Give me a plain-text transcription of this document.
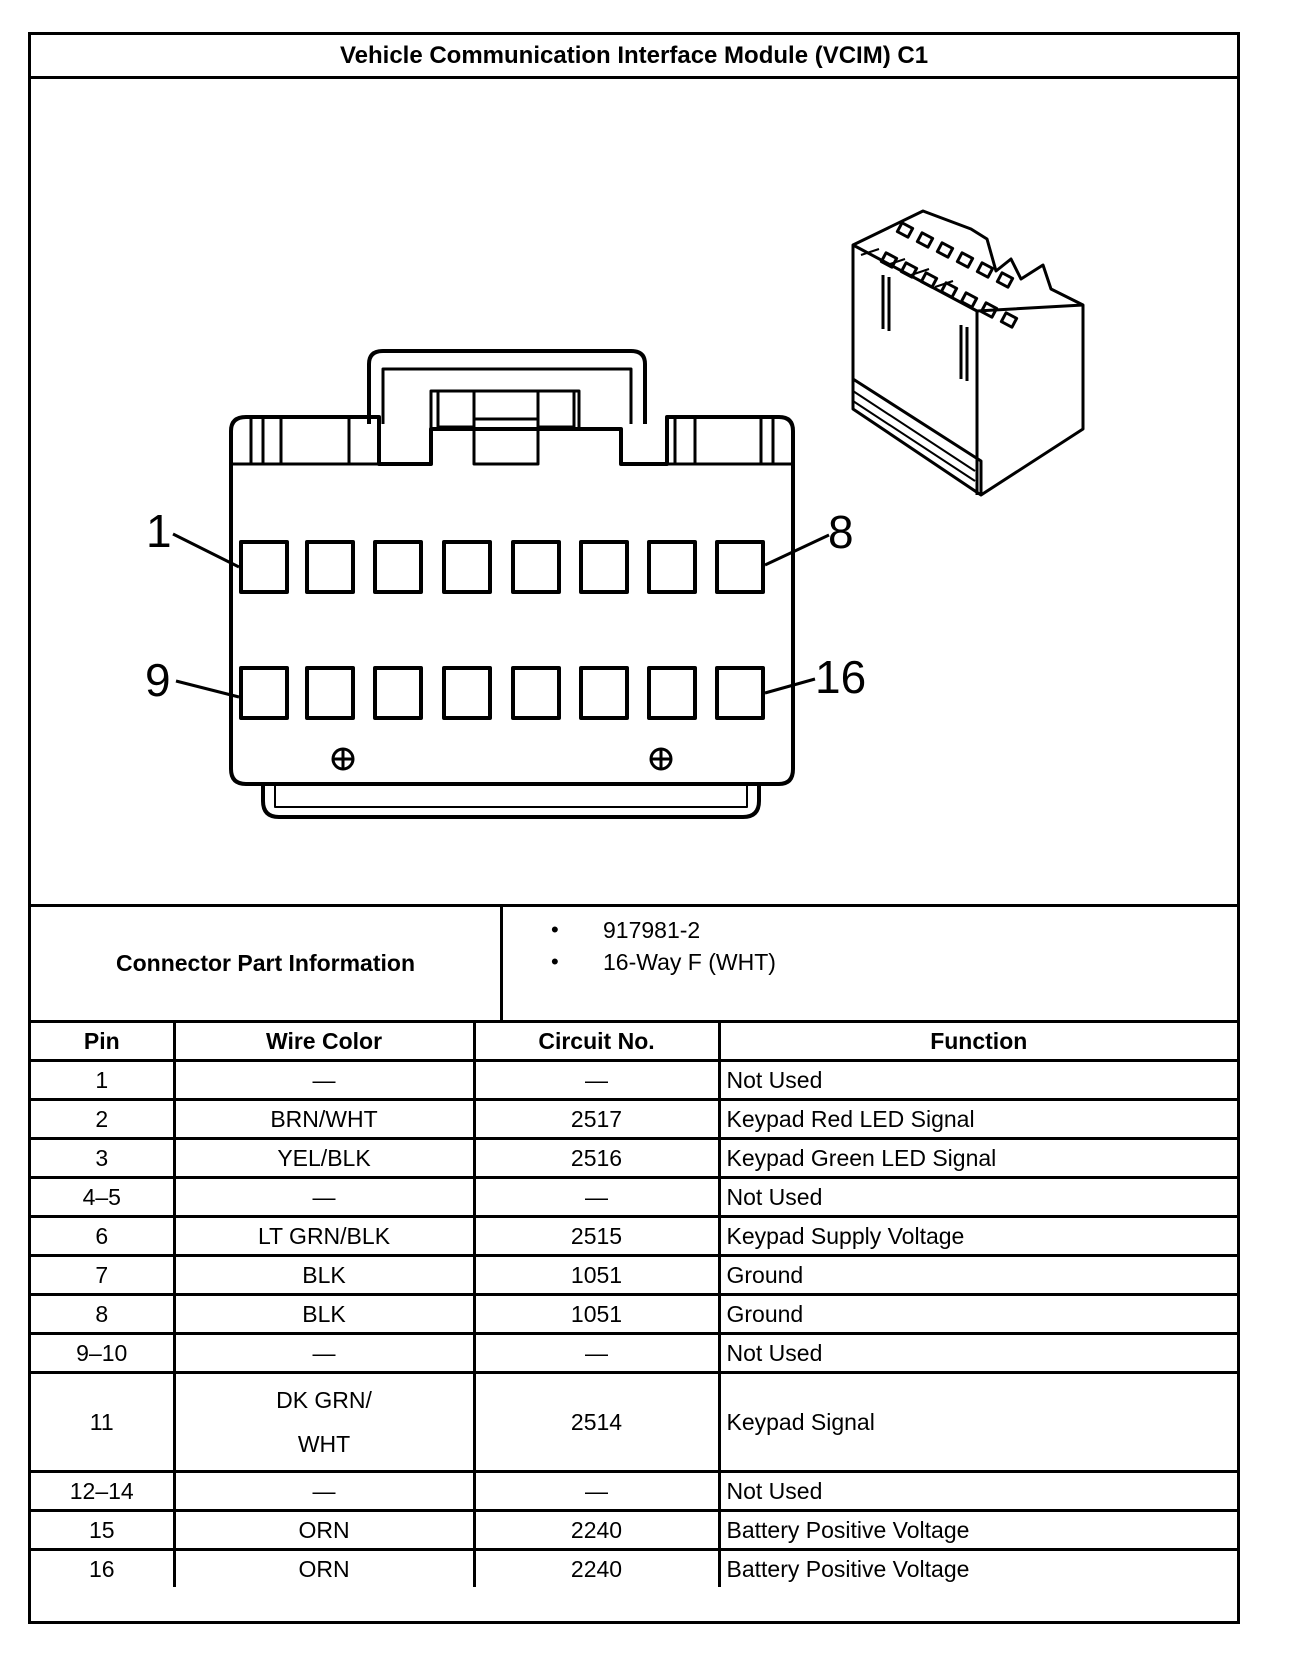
Vehicle Communication Interface Module (VCIM) C1
1	8
9	16
Connector Part Information
• 917981-2
• 16-Way F (WHT)
Pin	Wire Color	Circuit No.	Function
1	—	—	Not Used
2	BRN/WHT	2517	Keypad Red LED Signal
3	YEL/BLK	2516	Keypad Green LED Signal
4–5	—	—	Not Used
6	LT GRN/BLK	2515	Keypad Supply Voltage
7	BLK	1051	Ground
8	BLK	1051	Ground
9–10	—	—	Not Used
11	DK GRN/
WHT	2514	Keypad Signal
12–14	—	—	Not Used
15	ORN	2240	Battery Positive Voltage
16	ORN	2240	Battery Positive Voltage
